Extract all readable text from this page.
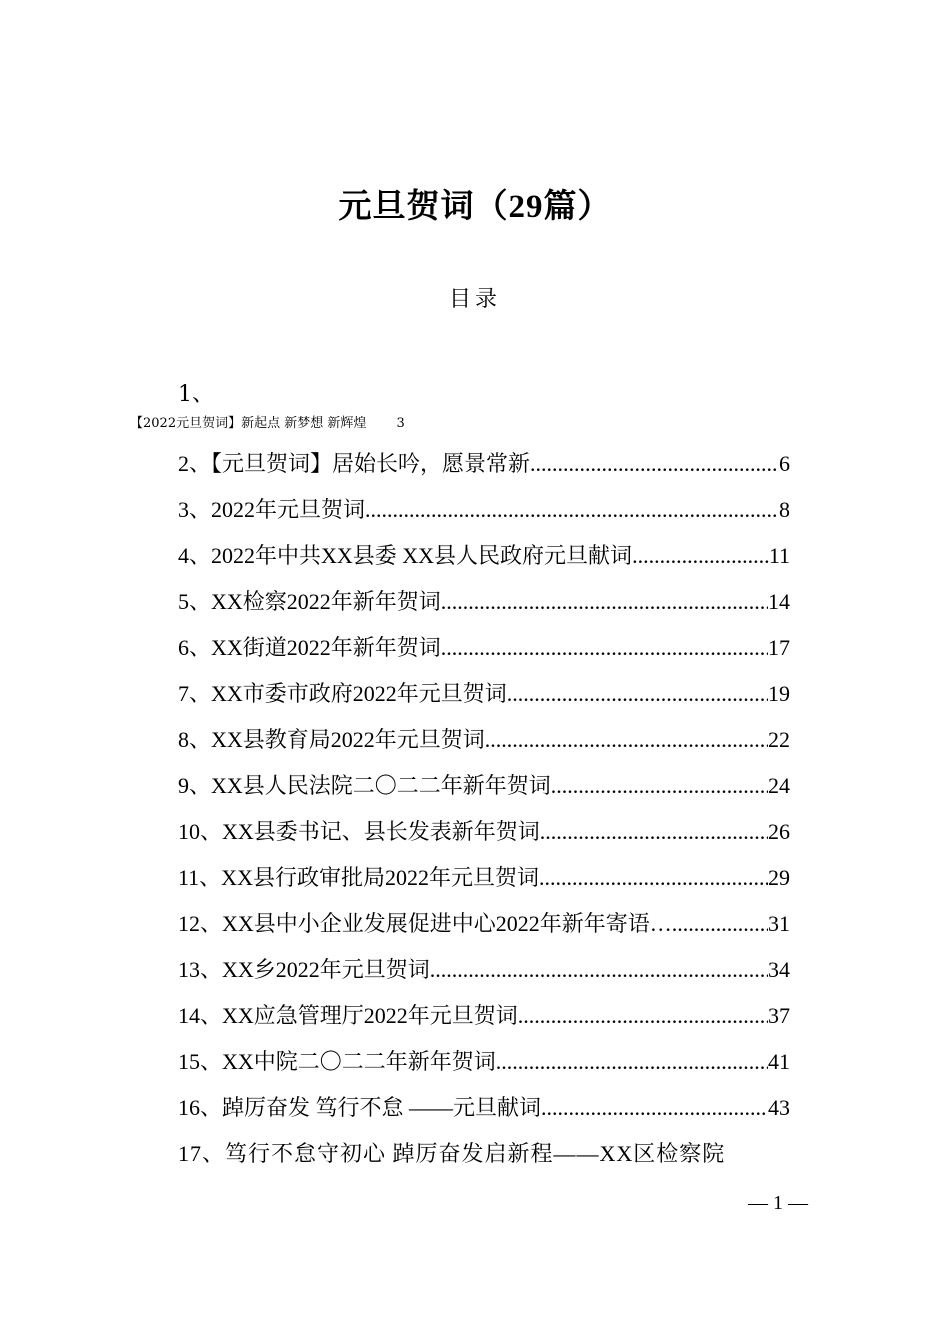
元旦贺词（29篇）
目录
1、
【2022元旦贺词】新起点 新梦想 新辉煌 3
2、【元旦贺词】居始长吟，愿景常新 .....	6
3、2022年元旦贺词 .....	8
4、2022年中共XX县委 XX县人民政府元旦献词 .....	11
5、XX检察2022年新年贺词 .....	14
6、XX街道2022年新年贺词 .....	17
7、XX市委市政府2022年元旦贺词 .....	19
8、XX县教育局2022年元旦贺词 .....	22
9、XX县人民法院二〇二二年新年贺词 .....	24
10、XX县委书记、县长发表新年贺词 .....	26
11、XX县行政审批局2022年元旦贺词 .....	29
12、XX县中小企业发展促进中心2022年新年寄语… .....	31
13、XX乡2022年元旦贺词 .....	34
14、XX应急管理厅2022年元旦贺词 .....	37
15、XX中院二〇二二年新年贺词 .....	41
16、踔厉奋发 笃行不怠 ——元旦献词 .....	43
17、笃行不怠守初心 踔厉奋发启新程——XX区检察院
— 1 —
